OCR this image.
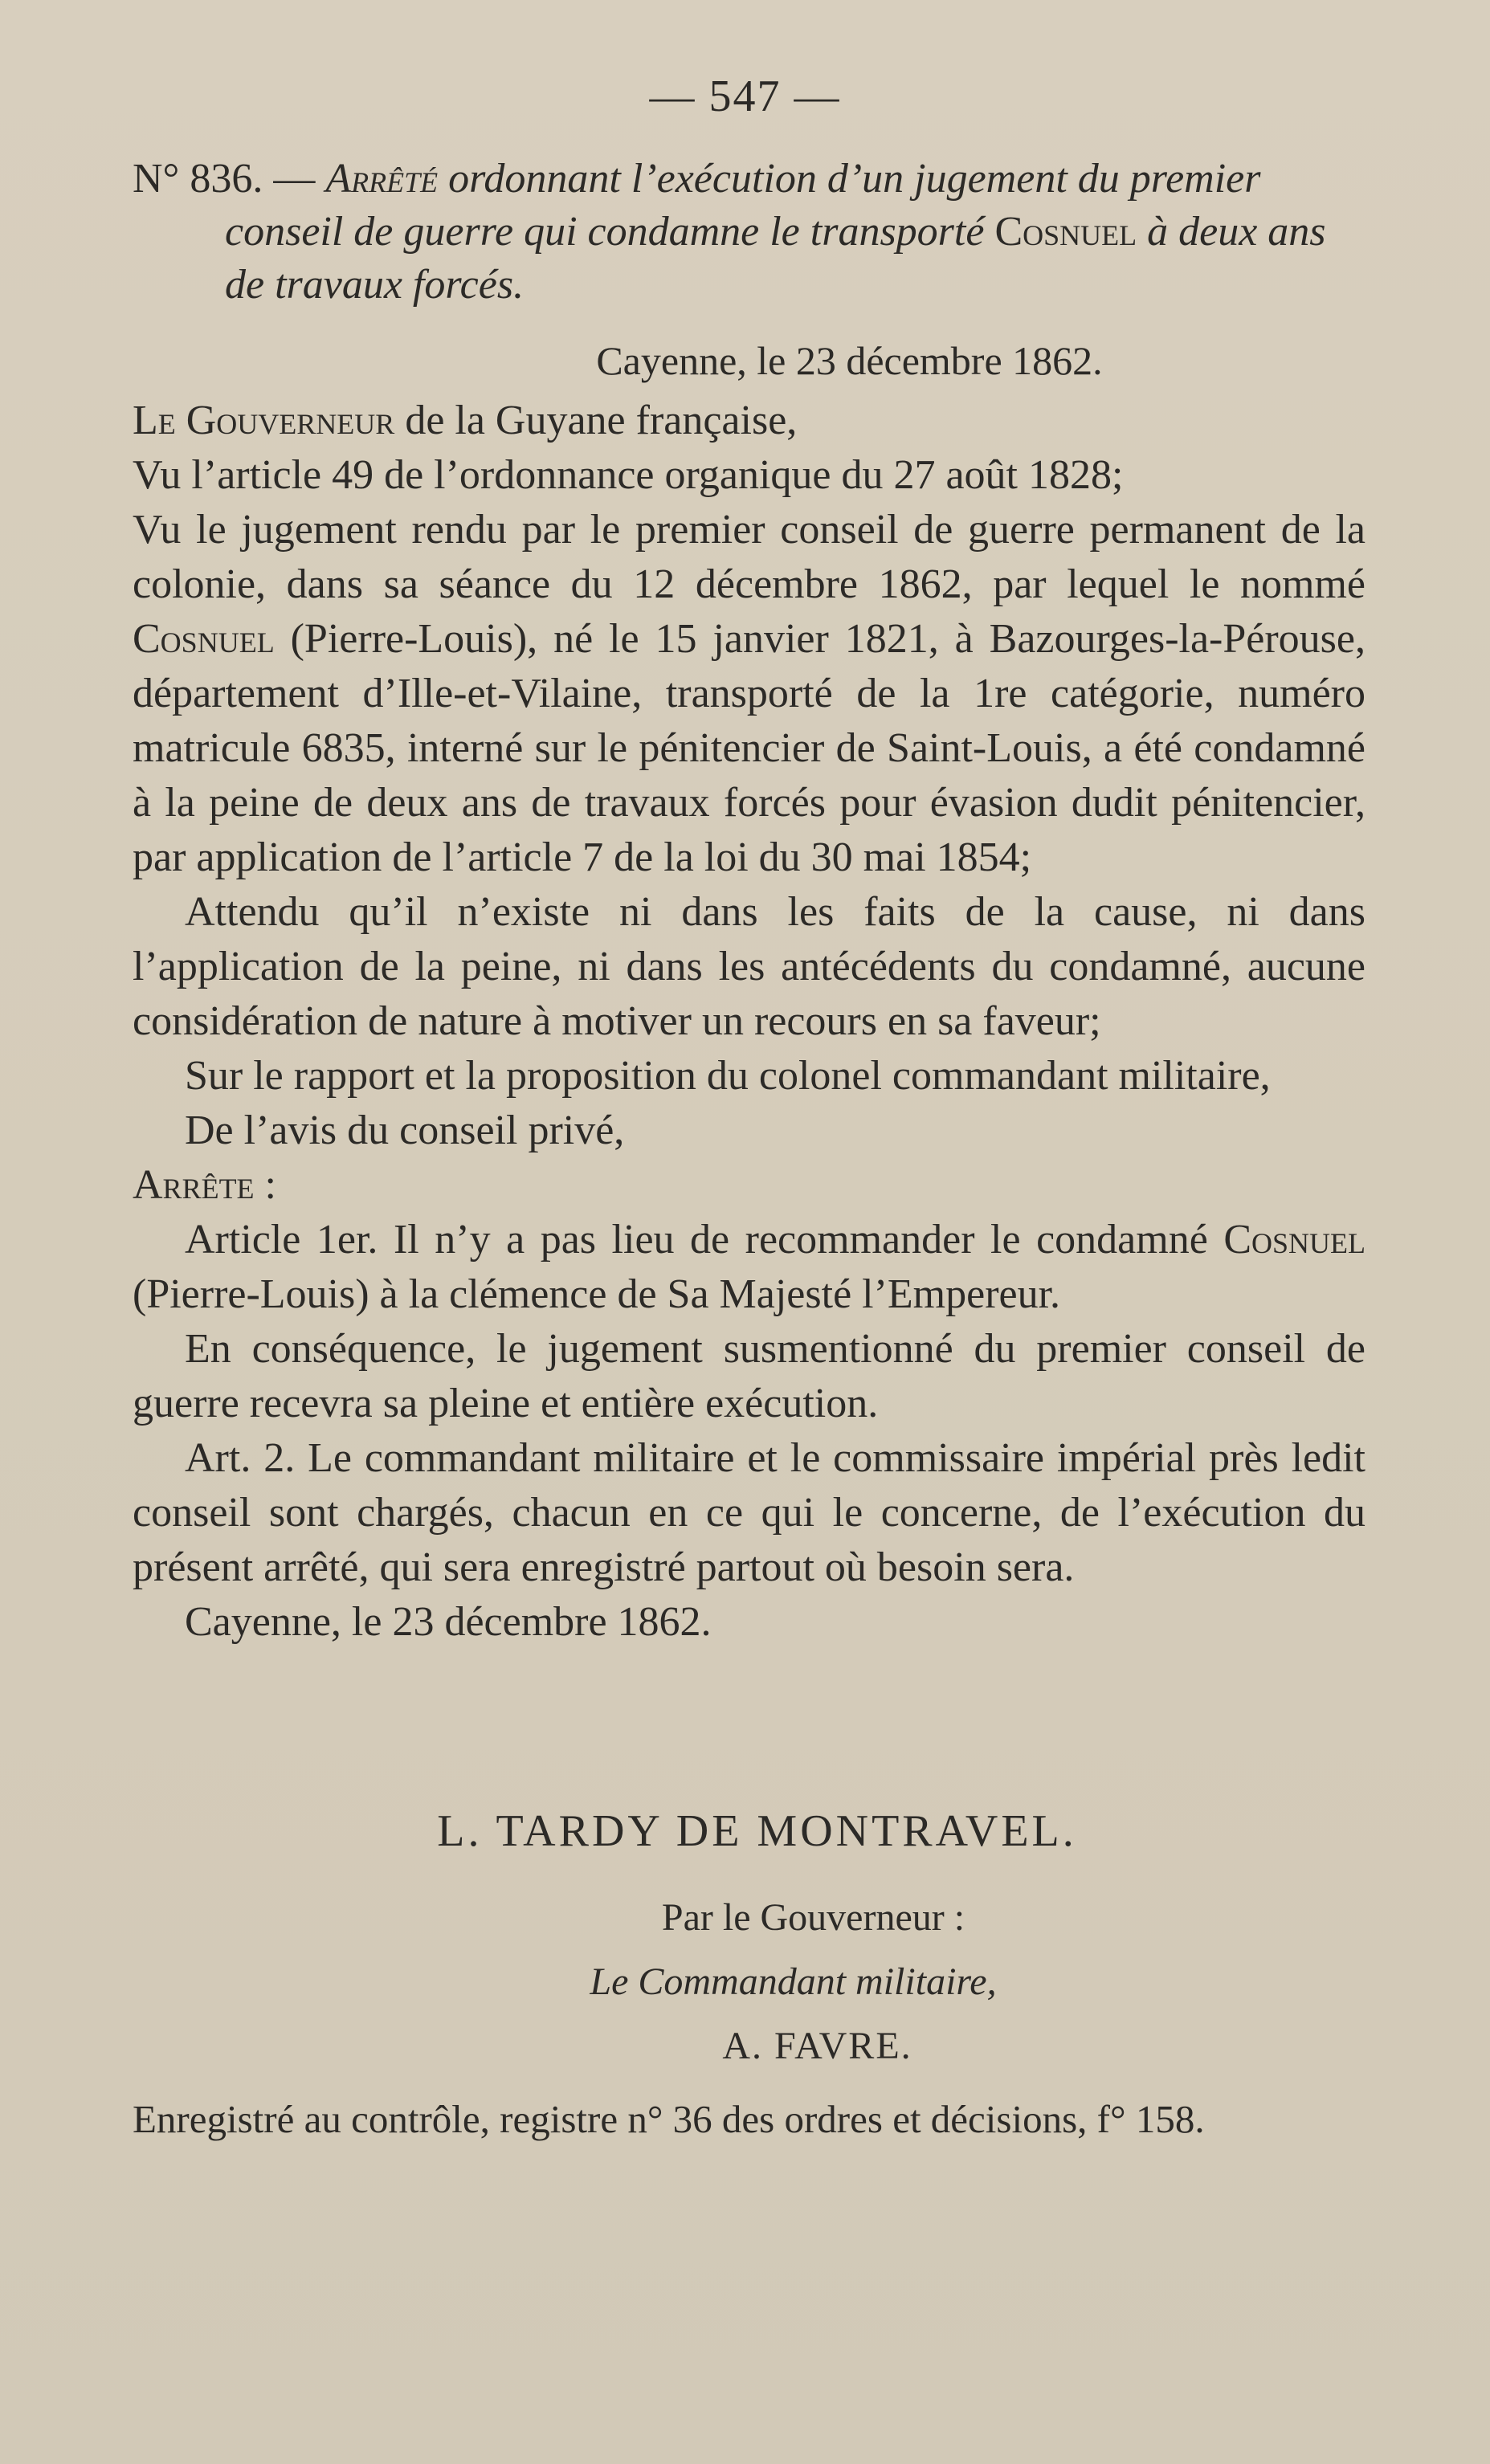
— 547 —

N° 836. — Arrêté ordonnant l’exécution d’un jugement du premier conseil de guerre qui condamne le transporté Cosnuel à deux ans de travaux forcés.

Cayenne, le 23 décembre 1862.

Le Gouverneur de la Guyane française,

Vu l’article 49 de l’ordonnance organique du 27 août 1828;

Vu le jugement rendu par le premier conseil de guerre permanent de la colonie, dans sa séance du 12 décembre 1862, par lequel le nommé Cosnuel (Pierre-Louis), né le 15 janvier 1821, à Bazourges-la-Pérouse, département d’Ille-et-Vilaine, transporté de la 1re catégorie, numéro matricule 6835, interné sur le pénitencier de Saint-Louis, a été condamné à la peine de deux ans de travaux forcés pour évasion dudit pénitencier, par application de l’article 7 de la loi du 30 mai 1854;

Attendu qu’il n’existe ni dans les faits de la cause, ni dans l’application de la peine, ni dans les antécédents du condamné, aucune considération de nature à motiver un recours en sa faveur;

Sur le rapport et la proposition du colonel commandant militaire,

De l’avis du conseil privé,

Arrête :

Article 1er. Il n’y a pas lieu de recommander le condamné Cosnuel (Pierre-Louis) à la clémence de Sa Majesté l’Empereur.

En conséquence, le jugement susmentionné du premier conseil de guerre recevra sa pleine et entière exécution.

Art. 2. Le commandant militaire et le commissaire impérial près ledit conseil sont chargés, chacun en ce qui le concerne, de l’exécution du présent arrêté, qui sera enregistré partout où besoin sera.

Cayenne, le 23 décembre 1862.

L. TARDY DE MONTRAVEL.
Par le Gouverneur :
Le Commandant militaire,
A. FAVRE.
Enregistré au contrôle, registre n° 36 des ordres et décisions, f° 158.
